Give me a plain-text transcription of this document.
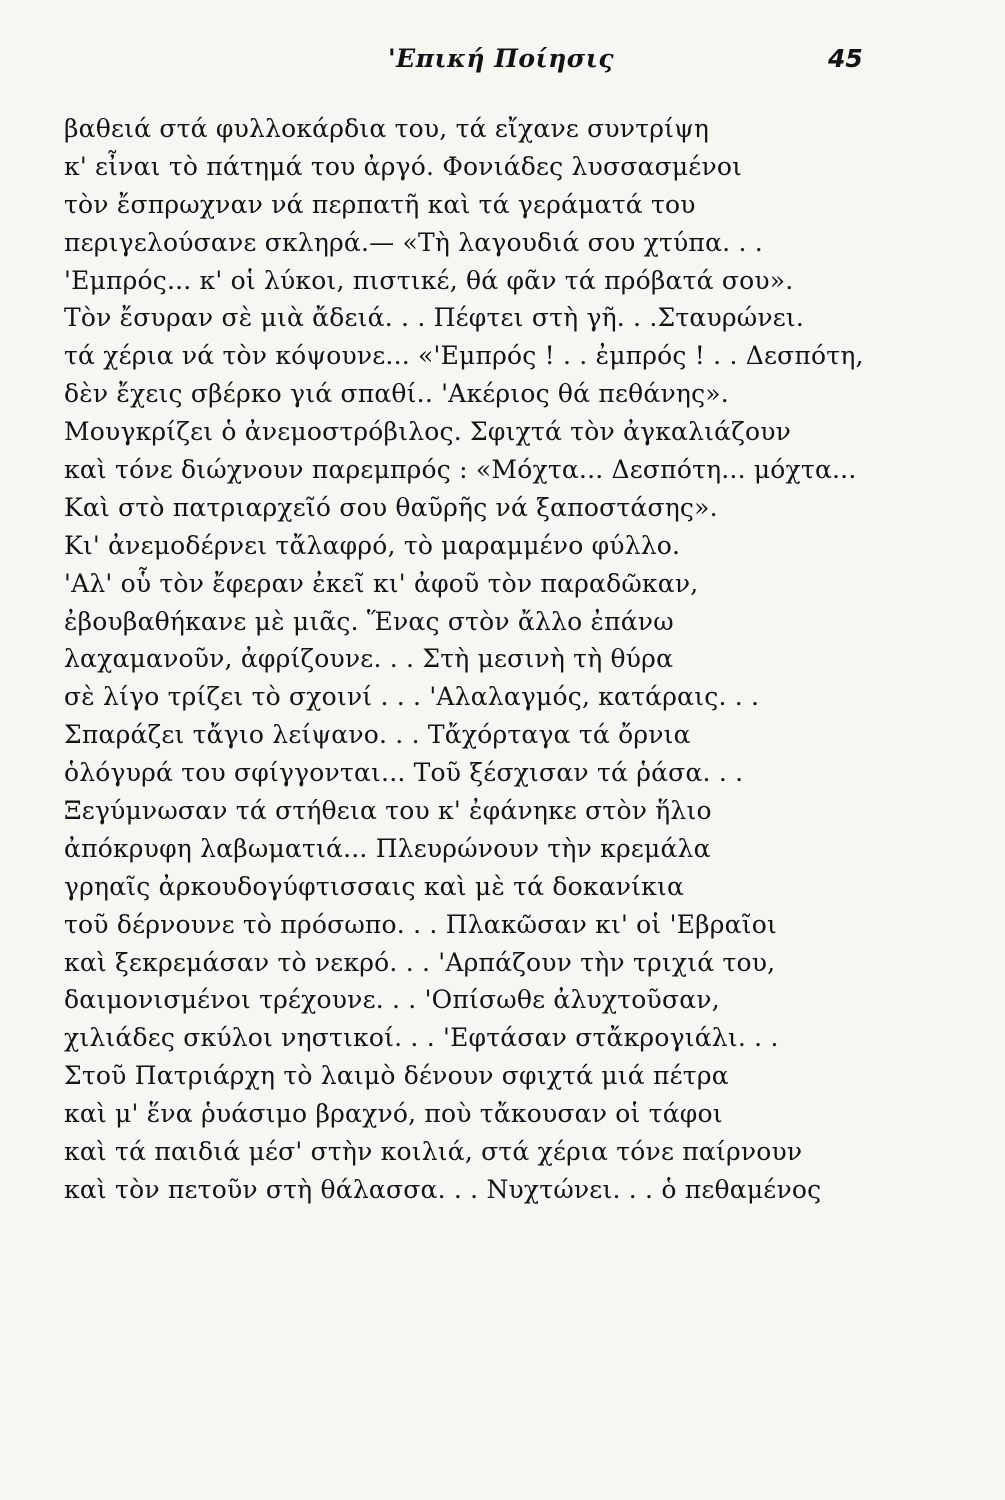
'Επική Ποίησις	45
βαθειά στά φυλλοκάρδια του, τά εἴχανε συντρίψη
κ' εἶναι τὸ πάτημά του ἀργό. Φονιάδες λυσσασμένοι
τὸν ἔσπρωχναν νά περπατῆ καὶ τά γεράματά του
περιγελούσανε σκληρά.— «Τὴ λαγουδιά σου χτύπα. . .
'Εμπρός... κ' οἱ λύκοι, πιστικέ, θά φᾶν τά πρόβατά σου».
Τὸν ἔσυραν σὲ μιὰ ἄδειά. . . Πέφτει στὴ γῆ. . .Σταυρώνει.
τά χέρια νά τὸν κόψουνε... «'Εμπρός ! . . ἐμπρός ! . . Δεσπότη,
δὲν ἔχεις σβέρκο γιά σπαθί.. 'Ακέριος θά πεθάνης».
Μουγκρίζει ὁ ἀνεμοστρόβιλος. Σφιχτά τὸν ἀγκαλιάζουν
καὶ τόνε διώχνουν παρεμπρός : «Μόχτα... Δεσπότη... μόχτα...
Καὶ στὸ πατριαρχεῖό σου θαῦρῆς νά ξαποστάσης».
Κι' ἀνεμοδέρνει τἄλαφρό, τὸ μαραμμένο φύλλο.
'Αλ' οὗ τὸν ἔφεραν ἐκεῖ κι' ἀφοῦ τὸν παραδῶκαν,
ἐβουβαθήκανε μὲ μιᾶς. Ἕνας στὸν ἄλλο ἐπάνω
λαχαμανοῦν, ἀφρίζουνε. . . Στὴ μεσινὴ τὴ θύρα
σὲ λίγο τρίζει τὸ σχοινί . . . 'Αλαλαγμός, κατάραις. . .
Σπαράζει τἄγιο λείψανο. . . Τἄχόρταγα τά ὄρνια
ὁλόγυρά του σφίγγονται... Τοῦ ξέσχισαν τά ῥάσα. . .
Ξεγύμνωσαν τά στήθεια του κ' ἐφάνηκε στὸν ἥλιο
ἀπόκρυφη λαβωματιά... Πλευρώνουν τὴν κρεμάλα
γρηαῖς ἀρκουδογύφτισσαις καὶ μὲ τά δοκανίκια
τοῦ δέρνουνε τὸ πρόσωπο. . . Πλακῶσαν κι' οἱ 'Εβραῖοι
καὶ ξεκρεμάσαν τὸ νεκρό. . . 'Αρπάζουν τὴν τριχιά του,
δαιμονισμένοι τρέχουνε. . . 'Οπίσωθε ἀλυχτοῦσαν,
χιλιάδες σκύλοι νηστικοί. . . 'Εφτάσαν στἄκρογιάλι. . .
Στοῦ Πατριάρχη τὸ λαιμὸ δένουν σφιχτά μιά πέτρα
καὶ μ' ἕνα ῥυάσιμο βραχνό, ποὺ τἄκουσαν οἱ τάφοι
καὶ τά παιδιά μέσ' στὴν κοιλιά, στά χέρια τόνε παίρνουν
καὶ τὸν πετοῦν στὴ θάλασσα. . . Νυχτώνει. . . ὁ πεθαμένος
